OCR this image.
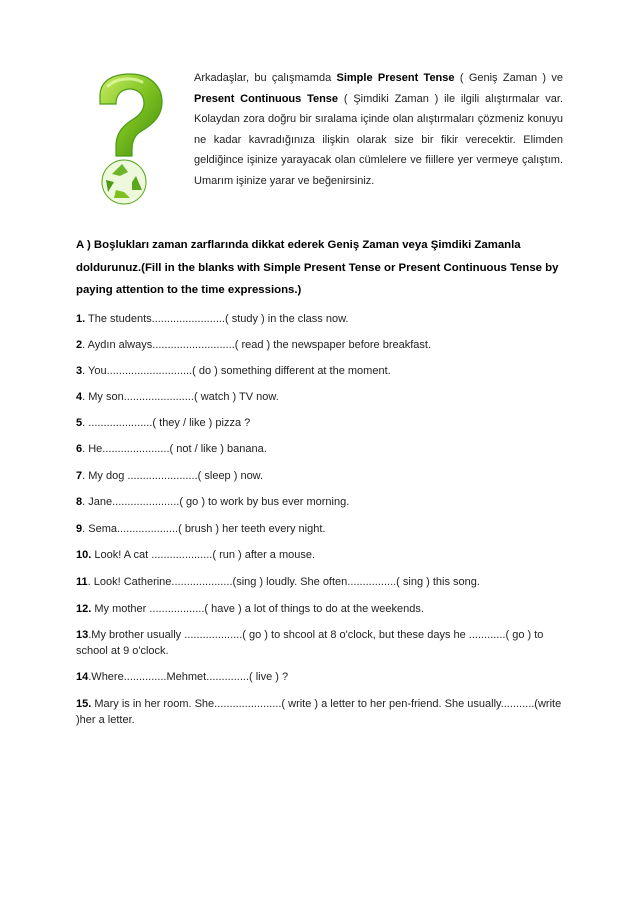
Arkadaşlar, bu çalışmamda Simple Present Tense ( Geniş Zaman ) ve Present Continuous Tense ( Şimdiki Zaman ) ile ilgili alıştırmalar var. Kolaydan zora doğru bir sıralama içinde olan alıştırmaları çözmeniz konuyu ne kadar kavradığınıza ilişkin olarak size bir fikir verecektir. Elimden geldiğince işinize yarayacak olan cümlelere ve fiillere yer vermeye çalıştım. Umarım işinize yarar ve beğenirsiniz.
A ) Boşlukları zaman zarflarında dikkat ederek Geniş Zaman veya Şimdiki Zamanla doldurunuz.(Fill in the blanks with Simple Present Tense or Present Continuous Tense by paying attention to the time expressions.)
1. The students........................( study ) in the class now.
2. Aydın always...........................( read ) the newspaper before breakfast.
3. You............................( do ) something different at the moment.
4. My son.......................( watch ) TV now.
5. .....................( they / like ) pizza ?
6. He......................( not / like ) banana.
7. My dog .......................( sleep ) now.
8. Jane......................( go ) to work by bus ever morning.
9. Sema....................( brush ) her teeth every night.
10. Look! A cat ....................( run ) after a mouse.
11. Look! Catherine....................(sing ) loudly. She often................( sing ) this song.
12. My mother ..................( have ) a lot of things to do at the weekends.
13.My brother usually ...................( go ) to shcool at 8 o'clock, but these days he ............( go ) to school at 9 o'clock.
14.Where..............Mehmet..............( live ) ?
15. Mary is in her room. She......................( write ) a letter to her pen-friend. She usually...........(write )her a letter.
